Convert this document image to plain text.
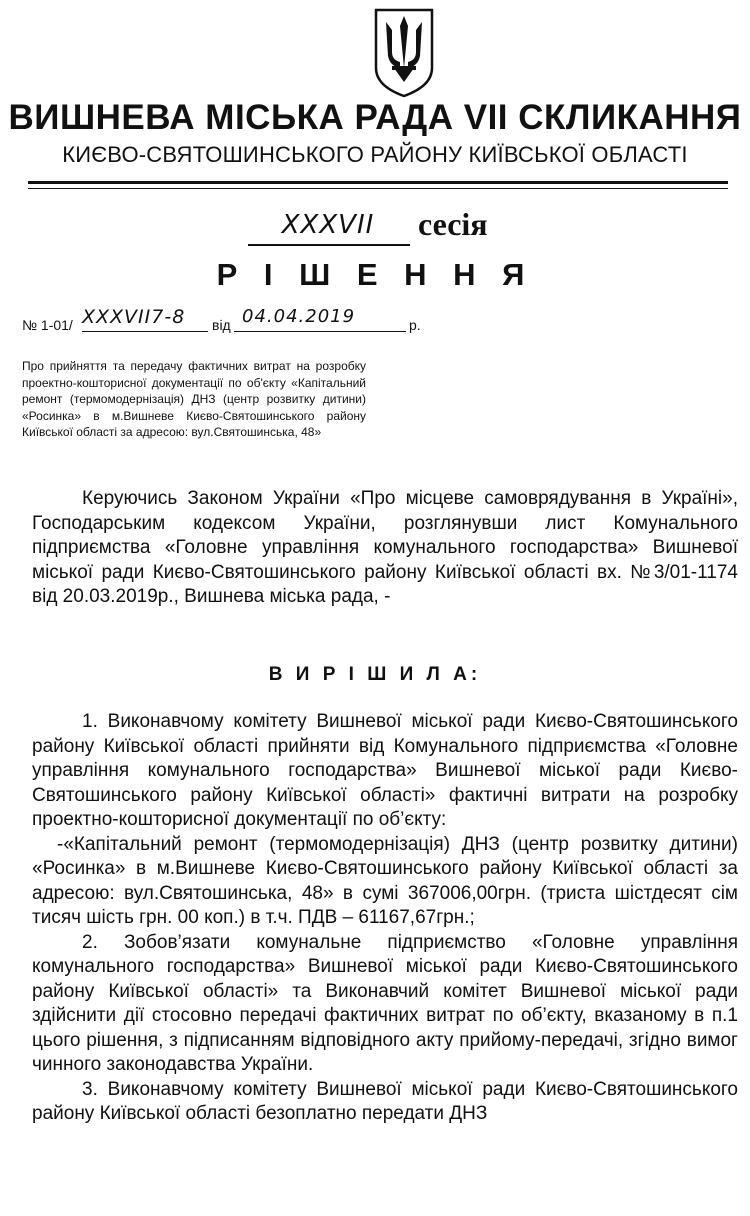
ВИШНЕВА МІСЬКА РАДА VII СКЛИКАННЯ
КИЄВО-СВЯТОШИНСЬКОГО РАЙОНУ КИЇВСЬКОЇ ОБЛАСТІ
XXXVII	сесія
Р І Ш Е Н Н Я
№ 1-01/ XXXVII7-8 від 04.04.2019	р.
Про прийняття та передачу фактичних витрат на розробку проектно-кошторисної документації по об'єкту «Капітальний ремонт (термомодернізація) ДНЗ (центр розвитку дитини) «Росинка» в м.Вишневе Києво-Святошинського району Київської області за адресою: вул.Святошинська, 48»
Керуючись Законом України «Про місцеве самоврядування в Україні», Господарським кодексом України, розглянувши лист Комунального підприємства «Головне управління комунального господарства» Вишневої міської ради Києво-Святошинського району Київської області вх. №3/01-1174 від 20.03.2019р., Вишнева міська рада, -
В И Р І Ш И Л А:

1. Виконавчому комітету Вишневої міської ради Києво-Святошинського району Київської області прийняти від Комунального підприємства «Головне управління комунального господарства» Вишневої міської ради Києво-Святошинського району Київської області» фактичні витрати на розробку проектно-кошторисної документації по об’єкту:

-«Капітальний ремонт (термомодернізація) ДНЗ (центр розвитку дитини) «Росинка» в м.Вишневе Києво-Святошинського району Київської області за адресою: вул.Святошинська, 48» в сумі 367006,00грн. (триста шістдесят сім тисяч шість грн. 00 коп.) в т.ч. ПДВ – 61167,67грн.;

2. Зобов’язати комунальне підприємство «Головне управління комунального господарства» Вишневої міської ради Києво-Святошинського району Київської області» та Виконавчий комітет Вишневої міської ради здійснити дії стосовно передачі фактичних витрат по об’єкту, вказаному в п.1 цього рішення, з підписанням відповідного акту прийому-передачі, згідно вимог чинного законодавства України.

3. Виконавчому комітету Вишневої міської ради Києво-Святошинського району Київської області безоплатно передати ДНЗ
